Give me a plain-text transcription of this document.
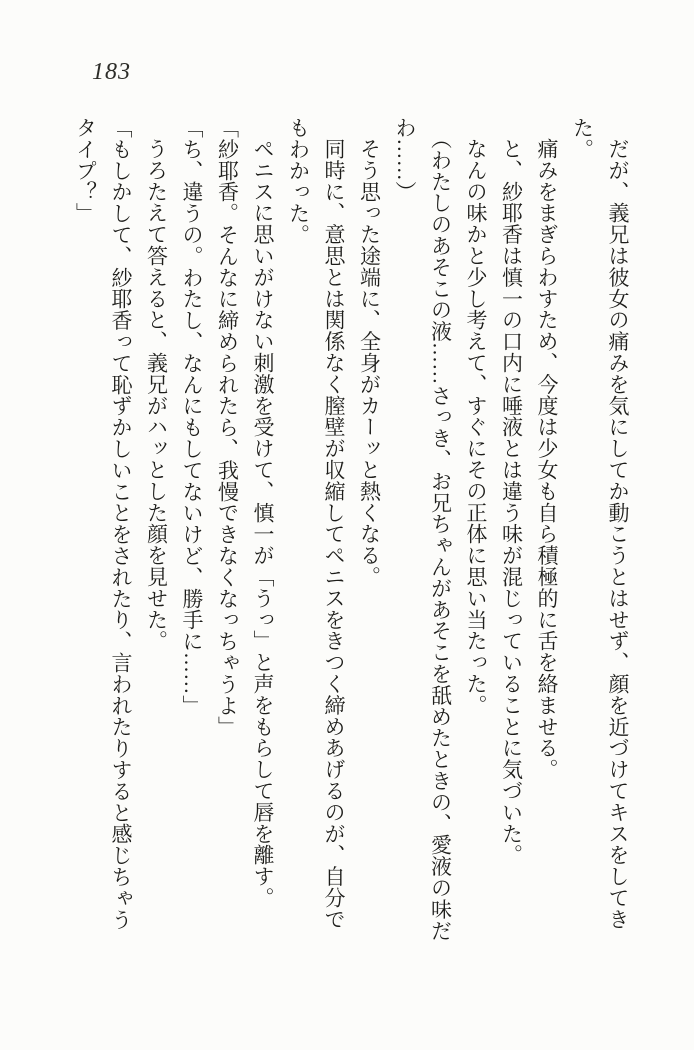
183

だが、義兄は彼女の痛みを気にしてか動こうとはせず、顔を近づけてキスをしてき

た。

痛みをまぎらわすため、今度は少女も自ら積極的に舌を絡ませる。

と、紗耶香は慎一の口内に唾液とは違う味が混じっていることに気づいた。

なんの味かと少し考えて、すぐにその正体に思い当たった。

（わたしのあそこの液……さっき、お兄ちゃんがあそこを舐めたときの、愛液の味だ

わ……）

そう思った途端に、全身がカーッと熱くなる。

同時に、意思とは関係なく膣壁が収縮してペニスをきつく締めあげるのが、自分で

もわかった。

ペニスに思いがけない刺激を受けて、慎一が「うっ」と声をもらして唇を離す。

「紗耶香。そんなに締められたら、我慢できなくなっちゃうよ」

「ち、違うの。わたし、なんにもしてないけど、勝手に……」

うろたえて答えると、義兄がハッとした顔を見せた。

「もしかして、紗耶香って恥ずかしいことをされたり、言われたりすると感じちゃう

タイプ？」
